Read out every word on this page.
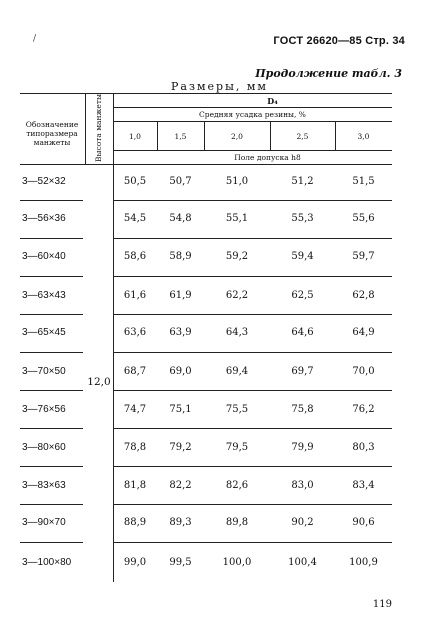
ГОСТ 26620—85 Стр. 34
Продолжение табл. 3
Размеры, мм
/
Обозначение типоразмера манжеты	Высота манжеты	D₄
Средняя усадка резины, %
1,0	1,5	2,0	2,5	3,0
Поле допуска h8
12,0
3—52×32	50,5	50,7	51,0	51,2	51,5
3—56×36	54,5	54,8	55,1	55,3	55,6
3—60×40	58,6	58,9	59,2	59,4	59,7
3—63×43	61,6	61,9	62,2	62,5	62,8
3—65×45	63,6	63,9	64,3	64,6	64,9
3—70×50	68,7	69,0	69,4	69,7	70,0
3—76×56	74,7	75,1	75,5	75,8	76,2
3—80×60	78,8	79,2	79,5	79,9	80,3
3—83×63	81,8	82,2	82,6	83,0	83,4
3—90×70	88,9	89,3	89,8	90,2	90,6
3—100×80	99,0	99,5	100,0	100,4	100,9
119
